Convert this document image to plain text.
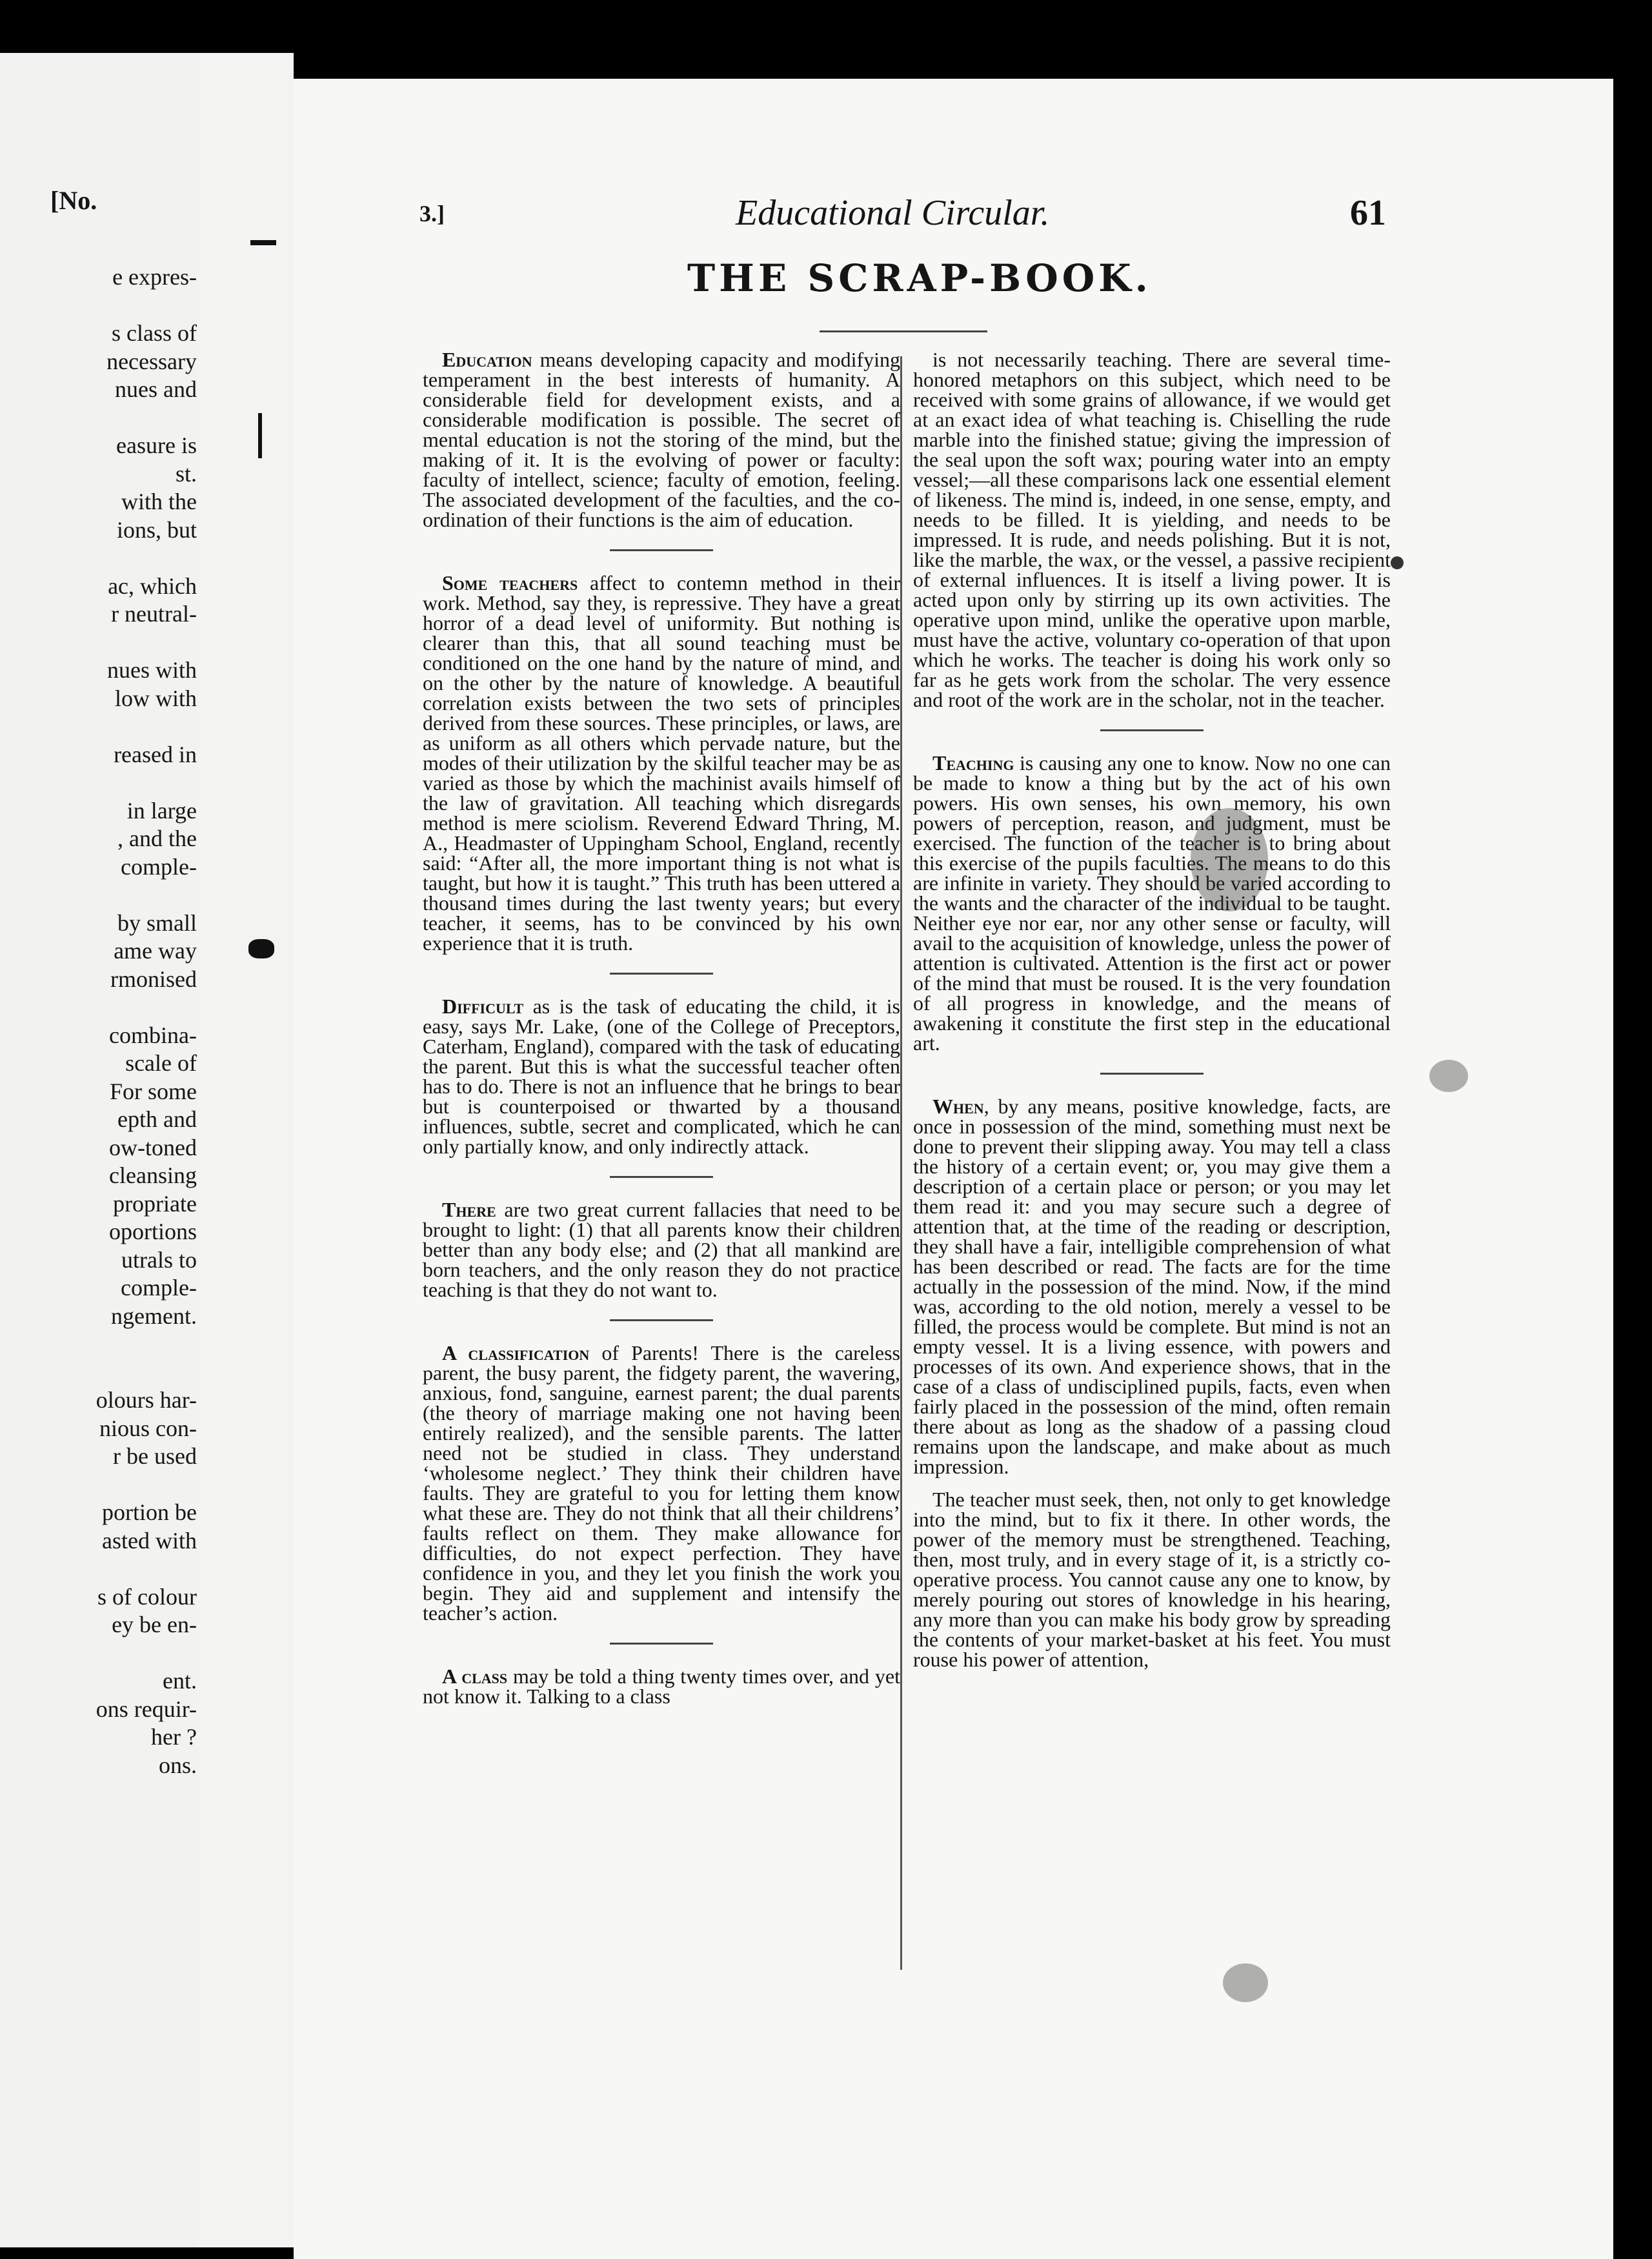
[No.
e expres-
s class of
necessary
nues and
easure is
st.
with the
ions, but
ac, which
r neutral-
nues with
low with
reased in
in large
, and the
comple-
by small
ame way
rmonised
combina-
scale of
For some
epth and
ow-toned
cleansing
propriate
oportions
utrals to
comple-
ngement.
olours har-
nious con-
r be used
portion be
asted with
s of colour
ey be en-
ent.
ons requir-
her ?
ons.
3.]	Educational Circular.	61
THE SCRAP-BOOK.

Education means developing capacity and modifying temperament in the best interests of humanity. A considerable field for development exists, and a considerable modification is possible. The secret of mental education is not the storing of the mind, but the making of it. It is the evolving of power or faculty: faculty of intellect, science; faculty of emotion, feeling. The associated development of the faculties, and the co-ordination of their functions is the aim of education.

Some teachers affect to contemn method in their work. Method, say they, is repressive. They have a great horror of a dead level of uniformity. But nothing is clearer than this, that all sound teaching must be conditioned on the one hand by the nature of mind, and on the other by the nature of knowledge. A beautiful correlation exists between the two sets of principles derived from these sources. These principles, or laws, are as uniform as all others which pervade nature, but the modes of their utilization by the skilful teacher may be as varied as those by which the machinist avails himself of the law of gravitation. All teaching which disregards method is mere sciolism. Reverend Edward Thring, M. A., Headmaster of Uppingham School, England, recently said: “After all, the more important thing is not what is taught, but how it is taught.” This truth has been uttered a thousand times during the last twenty years; but every teacher, it seems, has to be convinced by his own experience that it is truth.

Difficult as is the task of educating the child, it is easy, says Mr. Lake, (one of the College of Preceptors, Caterham, England), compared with the task of educating the parent. But this is what the successful teacher often has to do. There is not an influence that he brings to bear but is counterpoised or thwarted by a thousand influences, subtle, secret and complicated, which he can only partially know, and only indirectly attack.

There are two great current fallacies that need to be brought to light: (1) that all parents know their children better than any body else; and (2) that all mankind are born teachers, and the only reason they do not practice teaching is that they do not want to.

A classification of Parents! There is the careless parent, the busy parent, the fidgety parent, the wavering, anxious, fond, sanguine, earnest parent; the dual parents (the theory of marriage making one not having been entirely realized), and the sensible parents. The latter need not be studied in class. They understand ‘wholesome neglect.’ They think their children have faults. They are grateful to you for letting them know what these are. They do not think that all their childrens’ faults reflect on them. They make allowance for difficulties, do not expect perfection. They have confidence in you, and they let you finish the work you begin. They aid and supplement and intensify the teacher’s action.

A class may be told a thing twenty times over, and yet not know it. Talking to a class

is not necessarily teaching. There are several time-honored metaphors on this subject, which need to be received with some grains of allowance, if we would get at an exact idea of what teaching is. Chiselling the rude marble into the finished statue; giving the impression of the seal upon the soft wax; pouring water into an empty vessel;—all these comparisons lack one essential element of likeness. The mind is, indeed, in one sense, empty, and needs to be filled. It is yielding, and needs to be impressed. It is rude, and needs polishing. But it is not, like the marble, the wax, or the vessel, a passive recipient of external influences. It is itself a living power. It is acted upon only by stirring up its own activities. The operative upon mind, unlike the operative upon marble, must have the active, voluntary co-operation of that upon which he works. The teacher is doing his work only so far as he gets work from the scholar. The very essence and root of the work are in the scholar, not in the teacher.

Teaching is causing any one to know. Now no one can be made to know a thing but by the act of his own powers. His own senses, his own memory, his own powers of perception, reason, and judgment, must be exercised. The function of the teacher is to bring about this exercise of the pupils faculties. The means to do this are infinite in variety. They should be varied according to the wants and the character of the individual to be taught. Neither eye nor ear, nor any other sense or faculty, will avail to the acquisition of knowledge, unless the power of attention is cultivated. Attention is the first act or power of the mind that must be roused. It is the very foundation of all progress in knowledge, and the means of awakening it constitute the first step in the educational art.

When, by any means, positive knowledge, facts, are once in possession of the mind, something must next be done to prevent their slipping away. You may tell a class the history of a certain event; or, you may give them a description of a certain place or person; or you may let them read it: and you may secure such a degree of attention that, at the time of the reading or description, they shall have a fair, intelligible comprehension of what has been described or read. The facts are for the time actually in the possession of the mind. Now, if the mind was, according to the old notion, merely a vessel to be filled, the process would be complete. But mind is not an empty vessel. It is a living essence, with powers and processes of its own. And experience shows, that in the case of a class of undisciplined pupils, facts, even when fairly placed in the possession of the mind, often remain there about as long as the shadow of a passing cloud remains upon the landscape, and make about as much impression.

The teacher must seek, then, not only to get knowledge into the mind, but to fix it there. In other words, the power of the memory must be strengthened. Teaching, then, most truly, and in every stage of it, is a strictly co-operative process. You cannot cause any one to know, by merely pouring out stores of knowledge in his hearing, any more than you can make his body grow by spreading the contents of your market-basket at his feet. You must rouse his power of attention,
